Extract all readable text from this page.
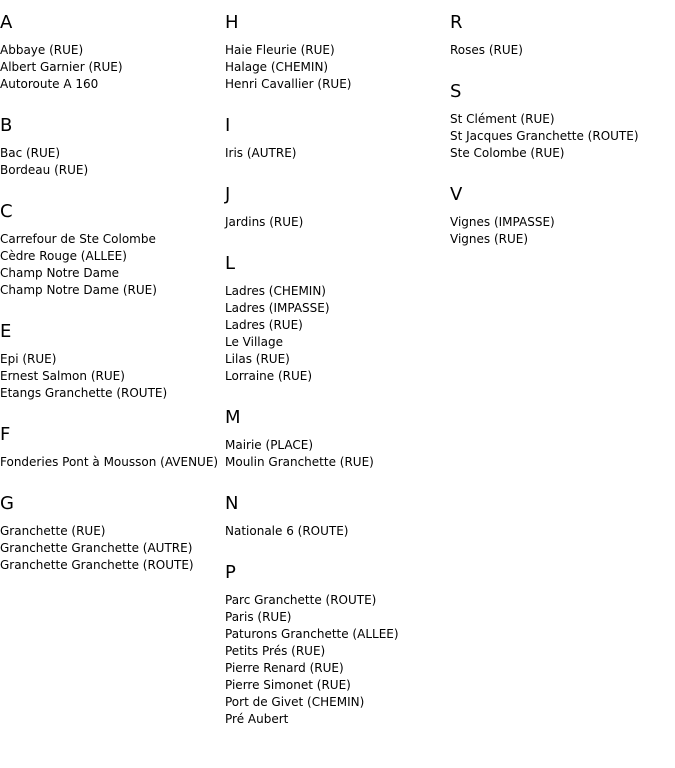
A
Abbaye (RUE)
Albert Garnier (RUE)
Autoroute A 160
B
Bac (RUE)
Bordeau (RUE)
C
Carrefour de Ste Colombe
Cèdre Rouge (ALLEE)
Champ Notre Dame
Champ Notre Dame (RUE)
E
Epi (RUE)
Ernest Salmon (RUE)
Etangs Granchette (ROUTE)
F
Fonderies Pont à Mousson (AVENUE)
G
Granchette (RUE)
Granchette Granchette (AUTRE)
Granchette Granchette (ROUTE)
H
Haie Fleurie (RUE)
Halage (CHEMIN)
Henri Cavallier (RUE)
I
Iris (AUTRE)
J
Jardins (RUE)
L
Ladres (CHEMIN)
Ladres (IMPASSE)
Ladres (RUE)
Le Village
Lilas (RUE)
Lorraine (RUE)
M
Mairie (PLACE)
Moulin Granchette (RUE)
N
Nationale 6 (ROUTE)
P
Parc Granchette (ROUTE)
Paris (RUE)
Paturons Granchette (ALLEE)
Petits Prés (RUE)
Pierre Renard (RUE)
Pierre Simonet (RUE)
Port de Givet (CHEMIN)
Pré Aubert
R
Roses (RUE)
S
St Clément (RUE)
St Jacques Granchette (ROUTE)
Ste Colombe (RUE)
V
Vignes (IMPASSE)
Vignes (RUE)
